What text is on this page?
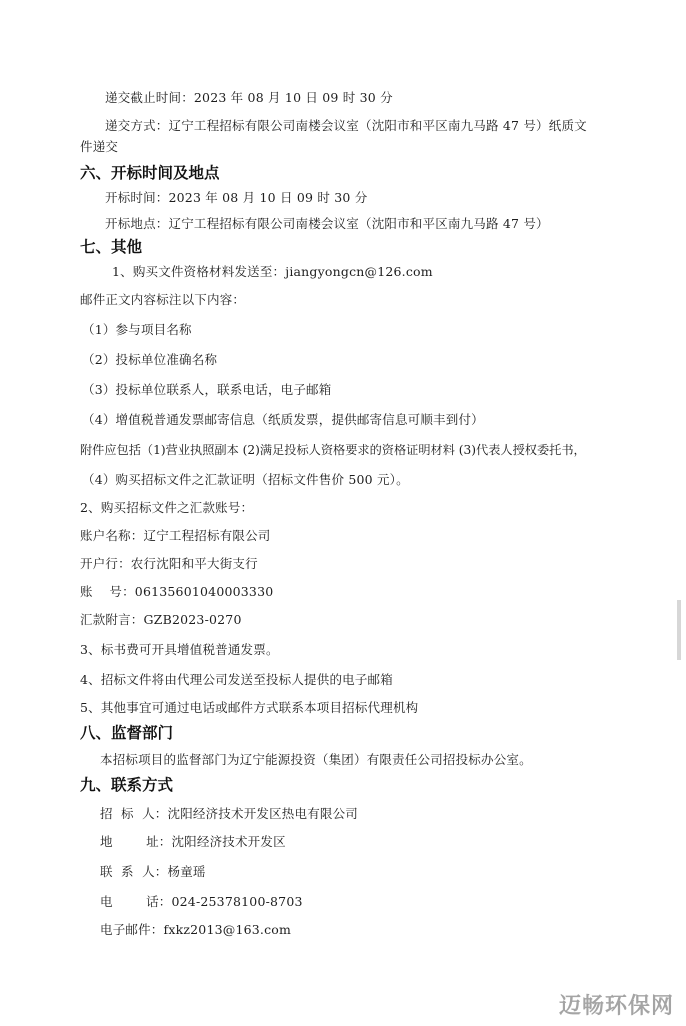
递交截止时间：2023 年 08 月 10 日 09 时 30 分
递交方式：辽宁工程招标有限公司南楼会议室（沈阳市和平区南九马路 47 号）纸质文
件递交
六、开标时间及地点
开标时间：2023 年 08 月 10 日 09 时 30 分
开标地点：辽宁工程招标有限公司南楼会议室（沈阳市和平区南九马路 47 号）
七、其他
1、购买文件资格材料发送至：jiangyongcn@126.com
邮件正文内容标注以下内容：
（1）参与项目名称
（2）投标单位准确名称
（3）投标单位联系人，联系电话，电子邮箱
（4）增值税普通发票邮寄信息（纸质发票，提供邮寄信息可顺丰到付）
附件应包括（1)营业执照副本 (2)满足投标人资格要求的资格证明材料 (3)代表人授权委托书，
（4）购买招标文件之汇款证明（招标文件售价 500 元）。
2、购买招标文件之汇款账号：
账户名称：辽宁工程招标有限公司
开户行：农行沈阳和平大街支行
账    号：06135601040003330
汇款附言：GZB2023-0270
3、标书费可开具增值税普通发票。
4、招标文件将由代理公司发送至投标人提供的电子邮箱
5、其他事宜可通过电话或邮件方式联系本项目招标代理机构
八、监督部门
本招标项目的监督部门为辽宁能源投资（集团）有限责任公司招投标办公室。
九、联系方式
招  标  人：沈阳经济技术开发区热电有限公司
地        址：沈阳经济技术开发区
联  系  人：杨童瑶
电        话：024-25378100-8703
电子邮件：fxkz2013@163.com
迈畅环保网
